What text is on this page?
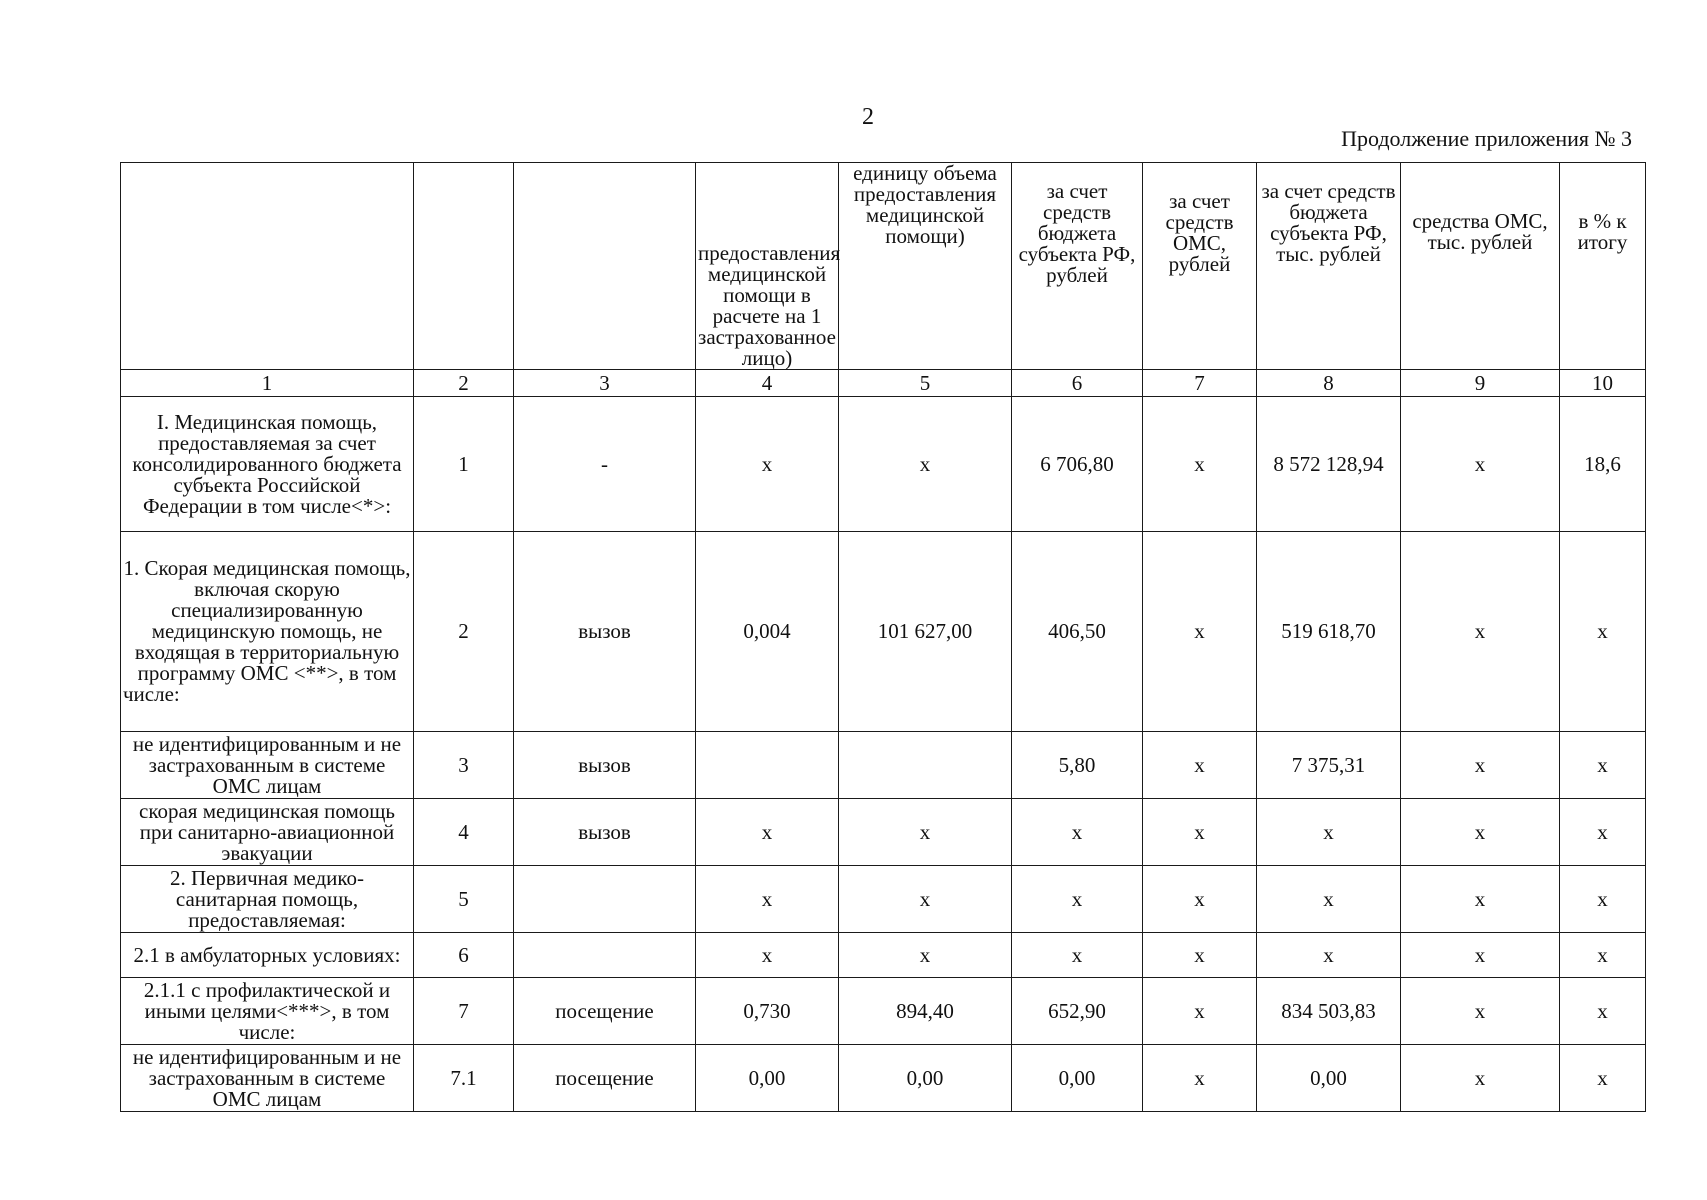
2
Продолжение приложения № 3
			предоставления медицинской помощи в расчете на 1 застрахованное лицо)	единицу объема предоставления медицинской помощи)	за счет средств бюджета субъекта РФ, рублей	за счет средств ОМС, рублей	за счет средств бюджета субъекта РФ, тыс. рублей	средства ОМС, тыс. рублей	в % к итогу
1	2	3	4	5	6	7	8	9	10
I. Медицинская помощь, предоставляемая за счет консолидированного бюджета субъекта Российской Федерации в том числе<*>:	1	-	х	х	6 706,80	х	8 572 128,94	х	18,6
1. Скорая медицинская помощь, включая скорую специализированную медицинскую помощь, не входящая в территориальную программу ОМС <**>, в том числе:	2	вызов	0,004	101 627,00	406,50	х	519 618,70	х	х
не идентифицированным и не застрахованным в системе ОМС лицам	3	вызов			5,80	х	7 375,31	х	х
скорая медицинская помощь при санитарно-авиационной эвакуации	4	вызов	х	х	х	х	х	х	х
2. Первичная медико-санитарная помощь, предоставляемая:	5		х	х	х	х	х	х	х
2.1 в амбулаторных условиях:	6		х	х	х	х	х	х	х
2.1.1 с профилактической и иными целями<***>, в том числе:	7	посещение	0,730	894,40	652,90	х	834 503,83	х	х
не идентифицированным и не застрахованным в системе ОМС лицам	7.1	посещение	0,00	0,00	0,00	х	0,00	х	х
